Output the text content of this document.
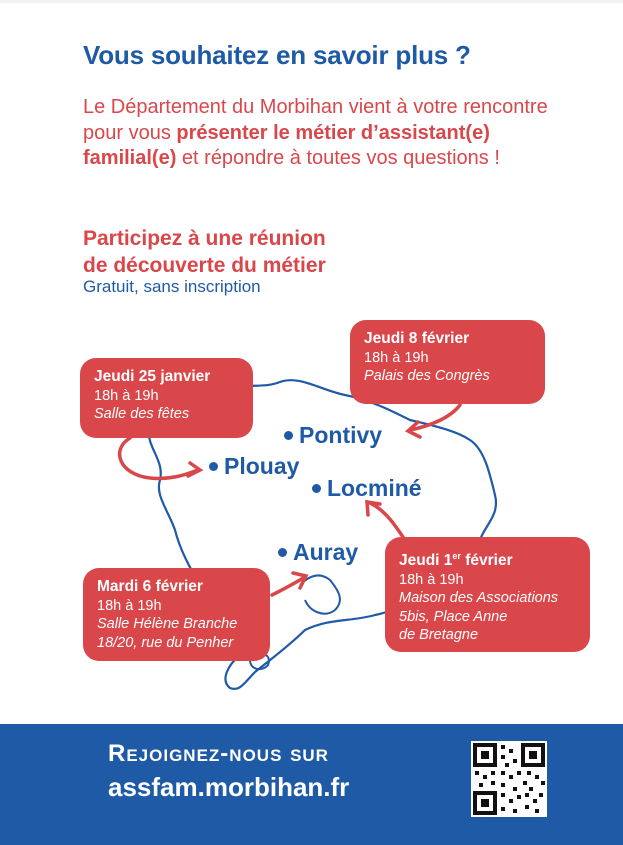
Vous souhaitez en savoir plus ?

Le Département du Morbihan vient à votre rencontre pour vous présenter le métier d’assistant(e) familial(e) et répondre à toutes vos questions !

Participez à une réunion
de découverte du métier

Gratuit, sans inscription

Pontivy
Plouay
Locminé
Auray
Jeudi 25 janvier
18h à 19h
Salle des fêtes
Jeudi 8 février
18h à 19h
Palais des Congrès
Mardi 6 février
18h à 19h
Salle Hélène Branche
18/20, rue du Penher
Jeudi 1er février
18h à 19h
Maison des Associations
5bis, Place Anne
de Bretagne

Rejoignez-nous sur

assfam.morbihan.fr
